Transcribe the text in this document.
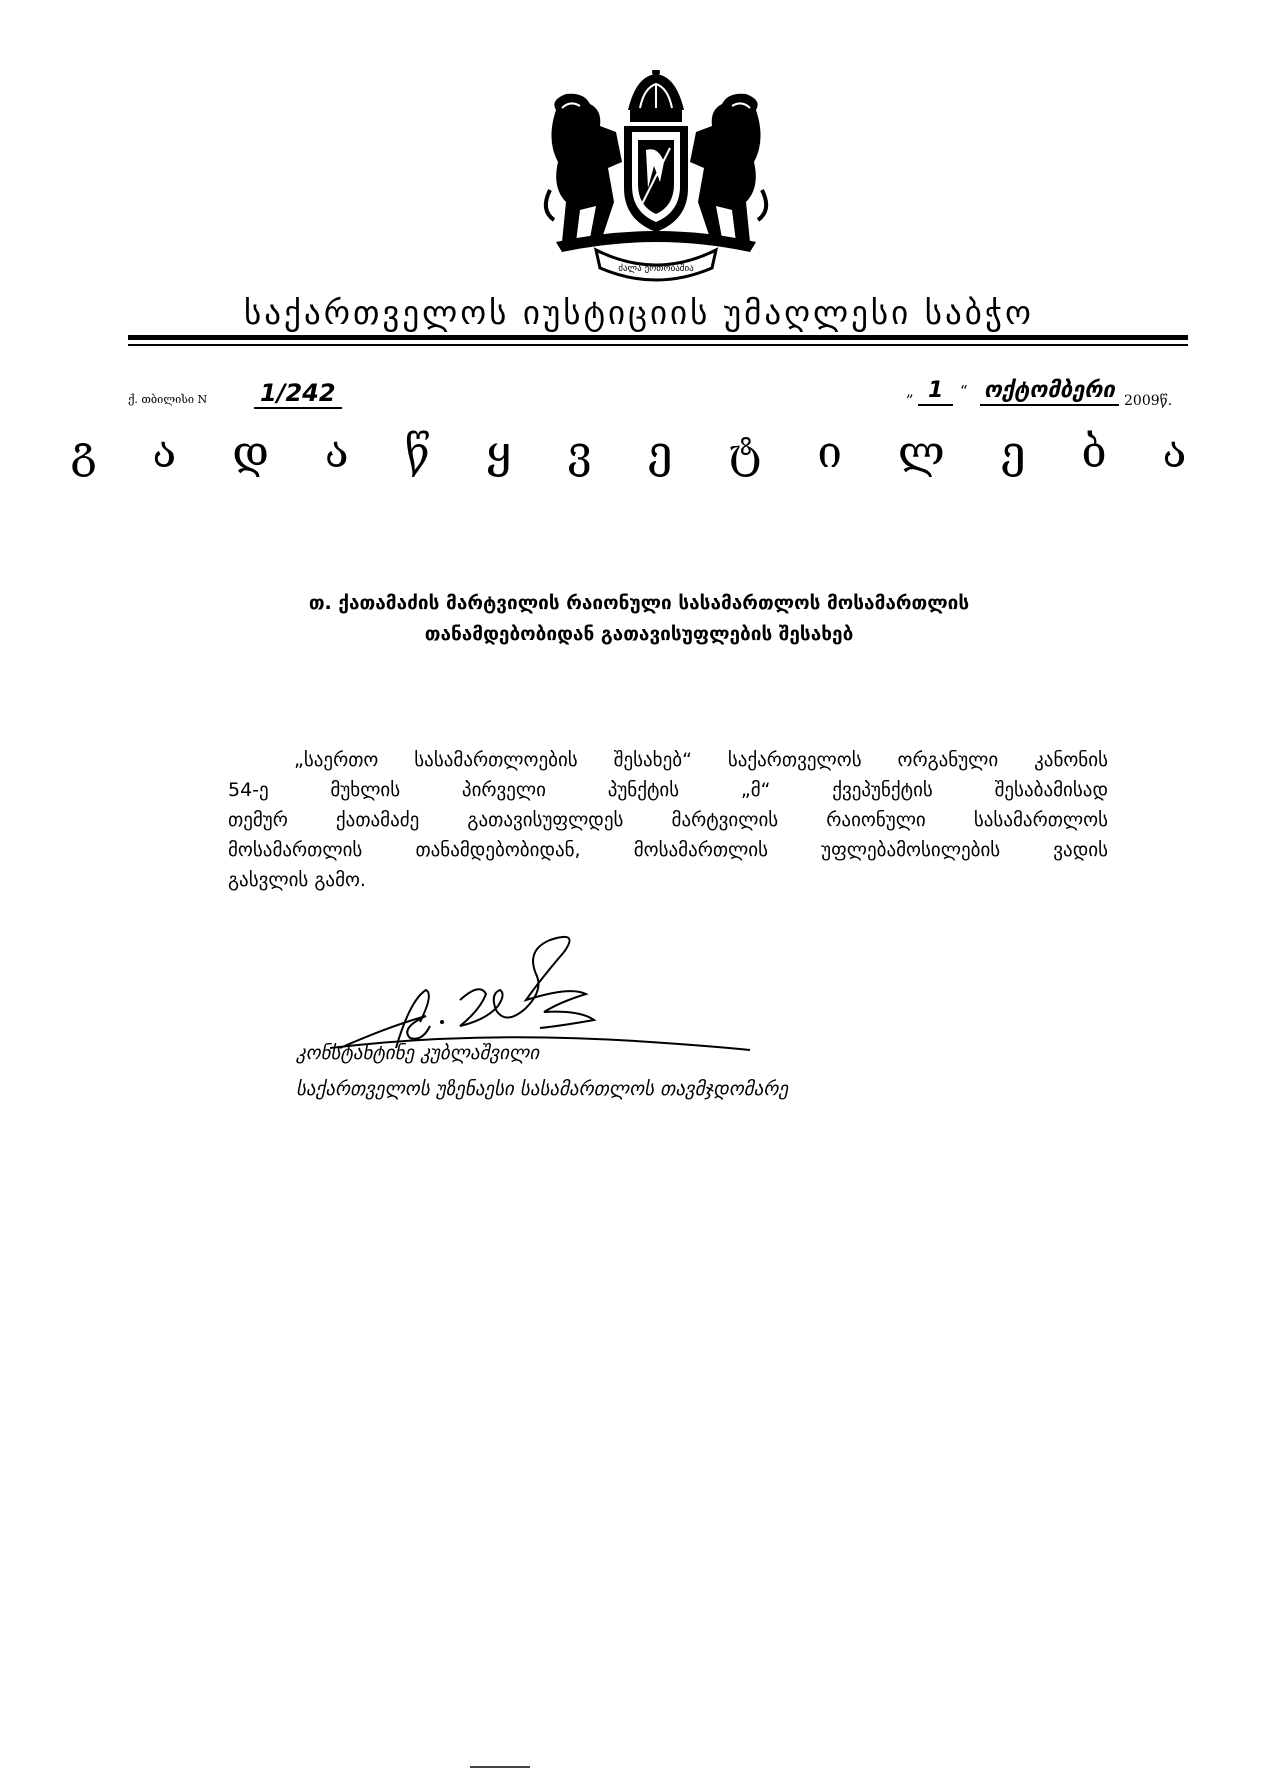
ძალა ერთობაშია
საქართველოს იუსტიციის უმაღლესი საბჭო
ქ. თბილისი N 1/242	„ 1	“ ოქტომბერი 2009წ.
გ ა დ ა წ ყ ვ ე ტ ი ლ ე ბ ა
თ. ქათამაძის მარტვილის რაიონული სასამართლოს მოსამართლის
თანამდებობიდან გათავისუფლების შესახებ
„საერთო სასამართლოების შესახებ“ საქართველოს ორგანული კანონის
54-ე მუხლის პირველი პუნქტის „მ“ ქვეპუნქტის შესაბამისად
თემურ ქათამაძე გათავისუფლდეს მარტვილის რაიონული სასამართლოს
მოსამართლის თანამდებობიდან, მოსამართლის უფლებამოსილების ვადის
გასვლის გამო.
კონსტანტინე კუბლაშვილი
საქართველოს უზენაესი სასამართლოს თავმჯდომარე
